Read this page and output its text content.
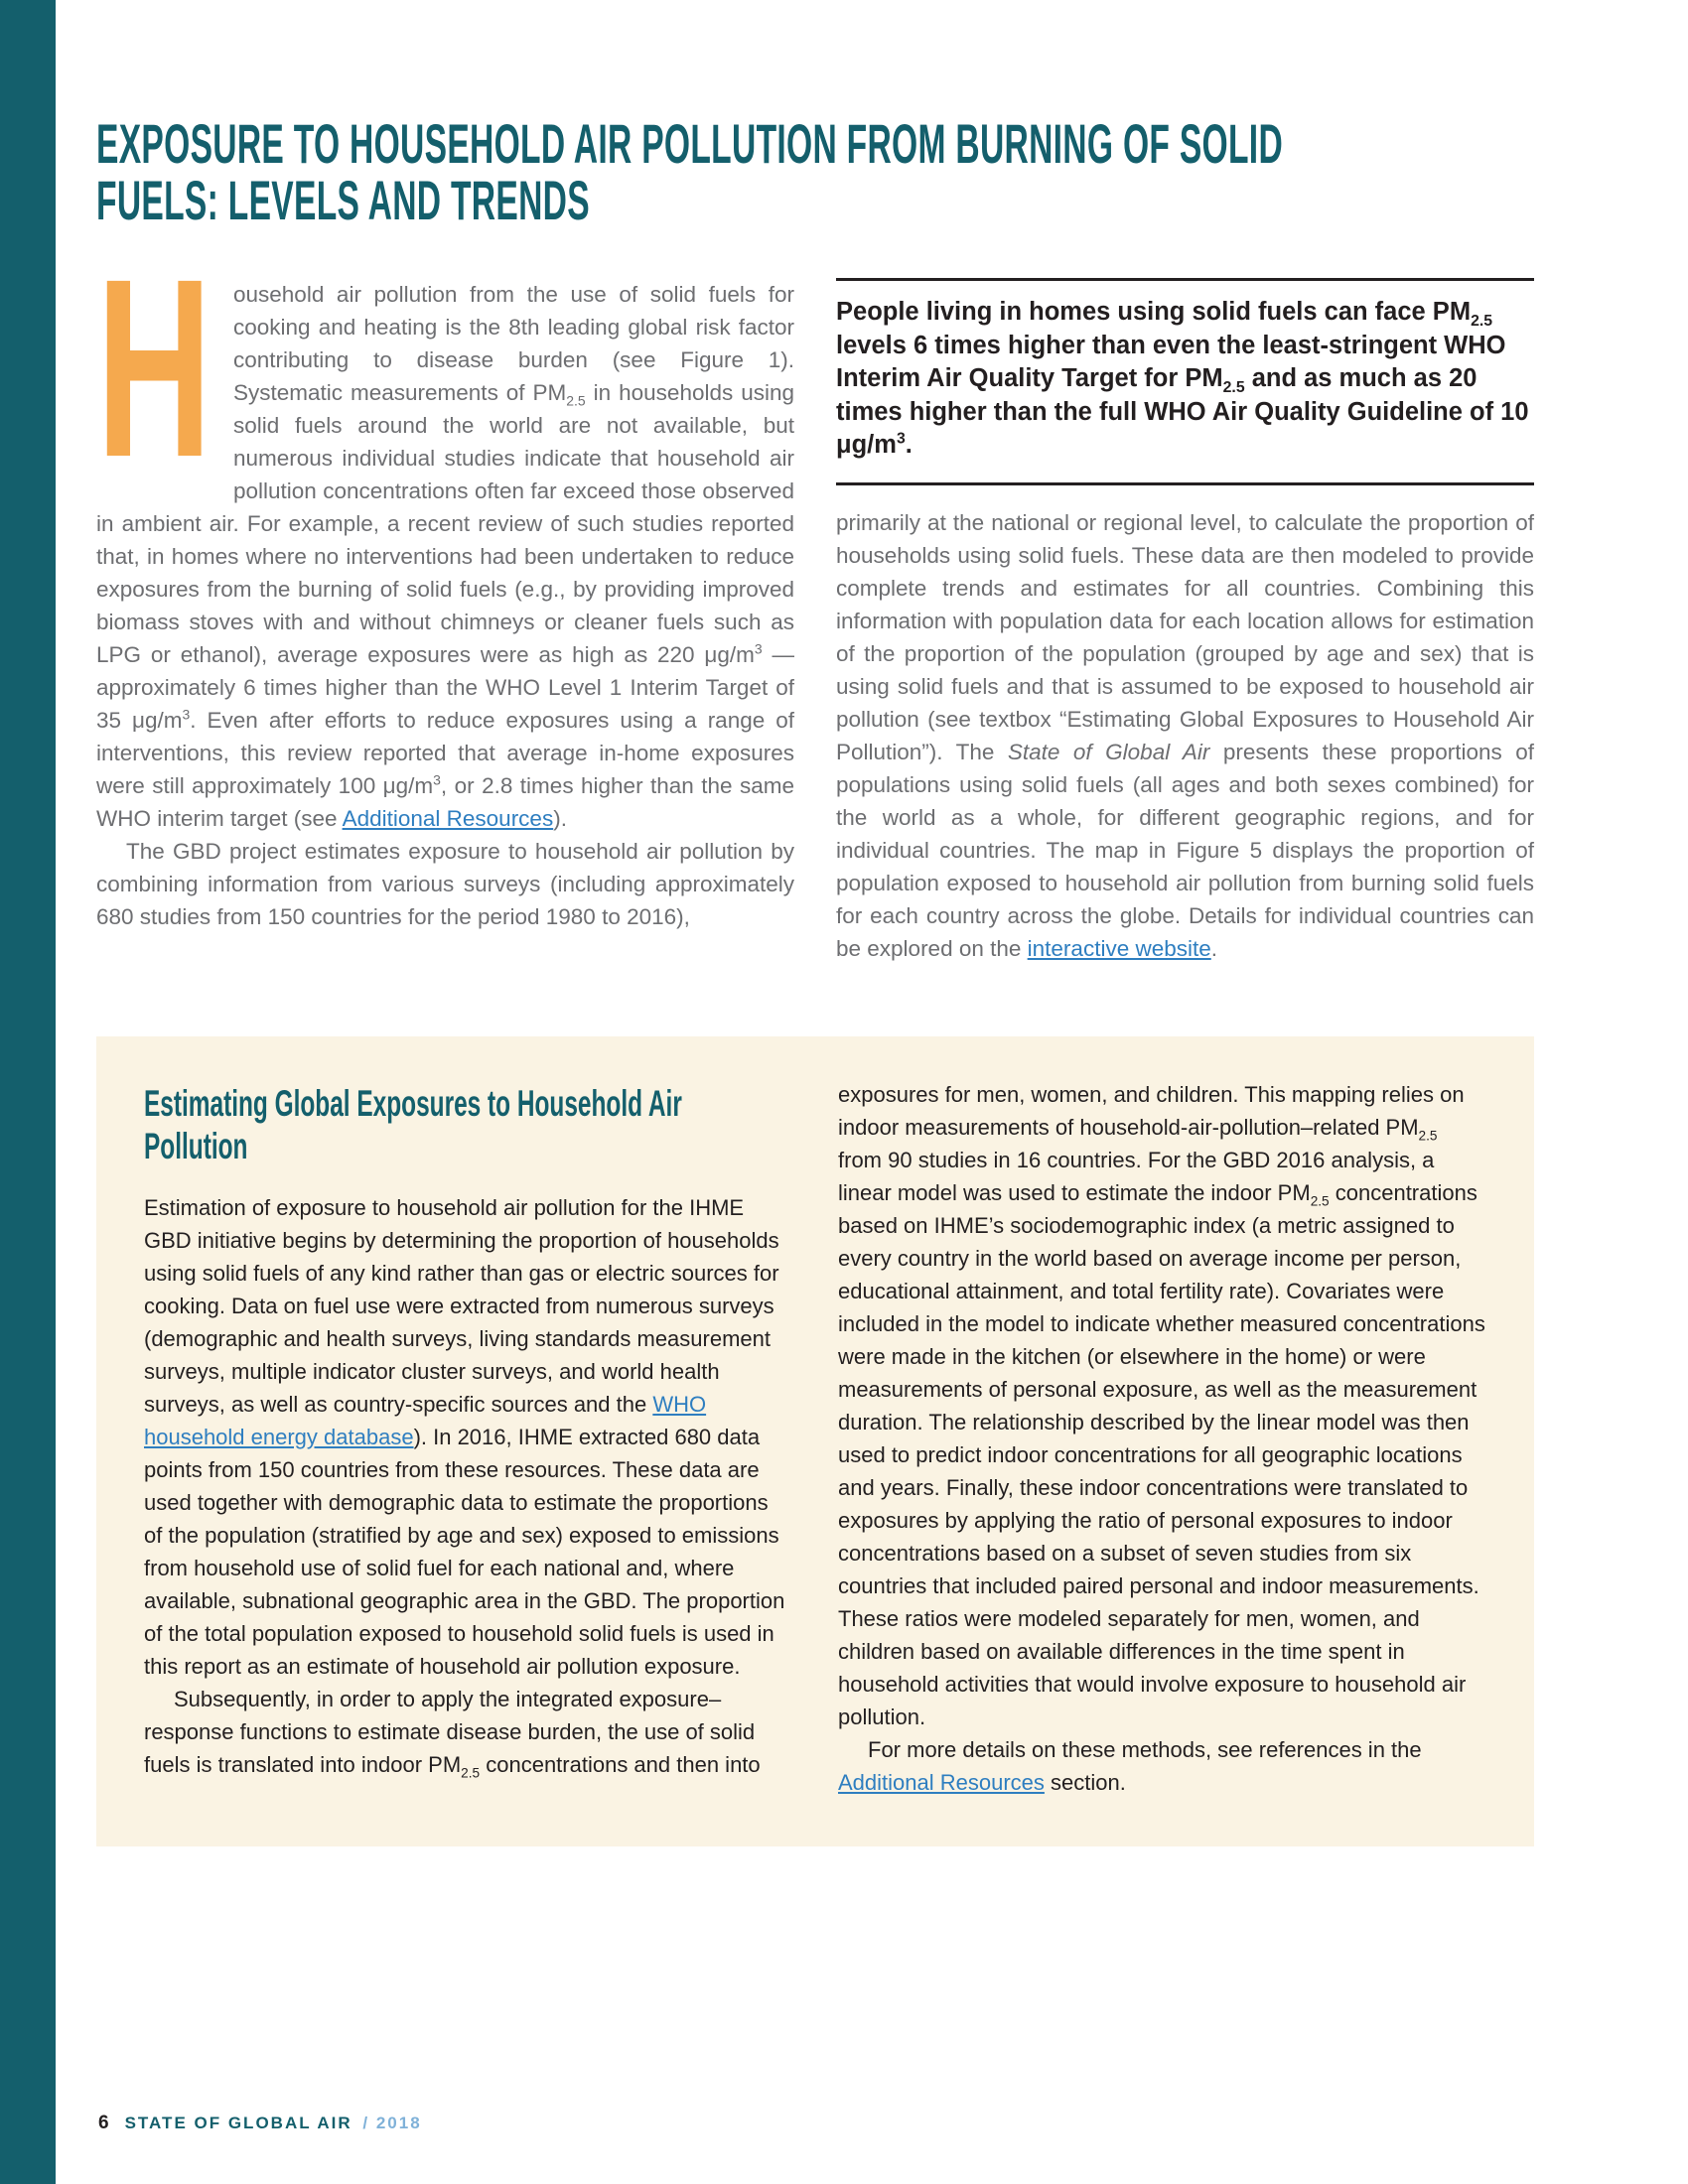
EXPOSURE TO HOUSEHOLD AIR POLLUTION FROM BURNING OF SOLID
FUELS: LEVELS AND TRENDS

H ousehold air pollution from the use of solid fuels for cooking and heating is the 8th leading global risk factor contributing to disease burden (see Figure 1). Systematic measurements of $PM_{2.5}$ in households using solid fuels around the world are not available, but numerous individual studies indicate that household air pollution concentrations often far exceed those observed in ambient air. For example, a recent review of such studies reported that, in homes where no interventions had been undertaken to reduce exposures from the burning of solid fuels (e.g., by providing improved biomass stoves with and without chimneys or cleaner fuels such as LPG or ethanol), average exposures were as high as 220 $\mu g/m^3$ — approximately 6 times higher than the WHO Level 1 Interim Target of 35 $\mu g/m^3$. Even after efforts to reduce exposures using a range of interventions, this review reported that average in-home exposures were still approximately 100 $\mu g/m^3$, or 2.8 times higher than the same WHO interim target (see Additional Resources).

The GBD project estimates exposure to household air pollution by combining information from various surveys (including approximately 680 studies from 150 countries for the period 1980 to 2016),

People living in homes using solid fuels can face $PM_{2.5}$ levels 6 times higher than even the least-stringent WHO Interim Air Quality Target for $PM_{2.5}$ and as much as 20 times higher than the full WHO Air Quality Guideline of 10 $\mu g/m^3$.

primarily at the national or regional level, to calculate the proportion of households using solid fuels. These data are then modeled to provide complete trends and estimates for all countries. Combining this information with population data for each location allows for estimation of the proportion of the population (grouped by age and sex) that is using solid fuels and that is assumed to be exposed to household air pollution (see textbox “Estimating Global Exposures to Household Air Pollution”). The State of Global Air presents these proportions of populations using solid fuels (all ages and both sexes combined) for the world as a whole, for different geographic regions, and for individual countries. The map in Figure 5 displays the proportion of population exposed to household air pollution from burning solid fuels for each country across the globe. Details for individual countries can be explored on the interactive website.

Estimating Global Exposures to Household Air
Pollution

Estimation of exposure to household air pollution for the IHME GBD initiative begins by determining the proportion of households using solid fuels of any kind rather than gas or electric sources for cooking. Data on fuel use were extracted from numerous surveys (demographic and health surveys, living standards measurement surveys, multiple indicator cluster surveys, and world health surveys, as well as country-specific sources and the WHO household energy database). In 2016, IHME extracted 680 data points from 150 countries from these resources. These data are used together with demographic data to estimate the proportions of the population (stratified by age and sex) exposed to emissions from household use of solid fuel for each national and, where available, subnational geographic area in the GBD. The proportion of the total population exposed to household solid fuels is used in this report as an estimate of household air pollution exposure.

Subsequently, in order to apply the integrated exposure–response functions to estimate disease burden, the use of solid fuels is translated into indoor $PM_{2.5}$ concentrations and then into

exposures for men, women, and children. This mapping relies on indoor measurements of household-air-pollution–related $PM_{2.5}$ from 90 studies in 16 countries. For the GBD 2016 analysis, a linear model was used to estimate the indoor $PM_{2.5}$ concentrations based on IHME’s sociodemographic index (a metric assigned to every country in the world based on average income per person, educational attainment, and total fertility rate). Covariates were included in the model to indicate whether measured concentrations were made in the kitchen (or elsewhere in the home) or were measurements of personal exposure, as well as the measurement duration. The relationship described by the linear model was then used to predict indoor concentrations for all geographic locations and years. Finally, these indoor concentrations were translated to exposures by applying the ratio of personal exposures to indoor concentrations based on a subset of seven studies from six countries that included paired personal and indoor measurements. These ratios were modeled separately for men, women, and children based on available differences in the time spent in household activities that would involve exposure to household air pollution.

For more details on these methods, see references in the Additional Resources section.

6 STATE OF GLOBAL AIR / 2018
